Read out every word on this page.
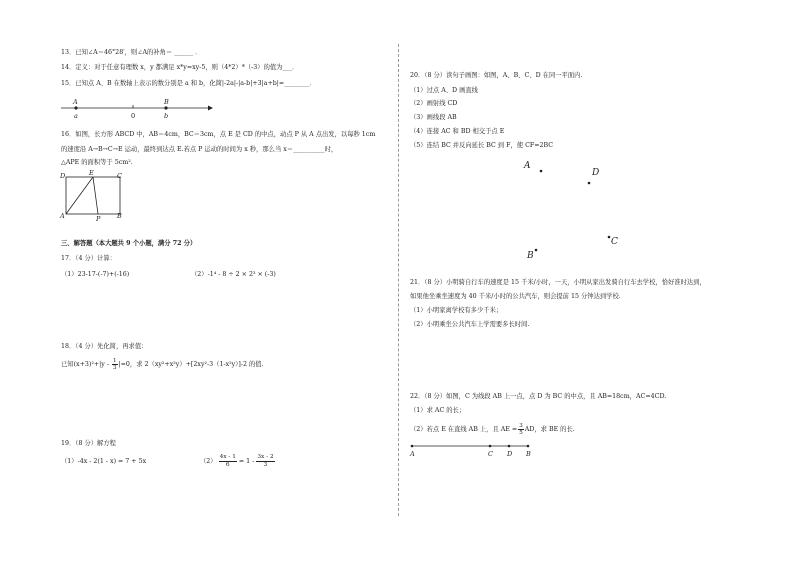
13．已知∠A＝46°28′，则∠A的补角＝ ______ ．
14．定义：对于任意有理数 x，y 都满足 x*y=xy-5，则（4*2）*（-3）的值为___．
15．已知点 A、B 在数轴上表示的数分别是 a 和 b，化简|-2a|-|a-b|+3|a+b|=________．
A	B
a	0	b
16．如图，长方形 ABCD 中，AB＝4cm，BC＝3cm，点 E 是 CD 的中点，动点 P 从 A 点出发，以每秒 1cm
的速度沿 A→B→C→E 运动，最终到达点 E.若点 P 运动的时间为 x 秒，那么当 x＝__________时，
△APE 的面积等于 5cm².
D	E	C
A	P	B
三、解答题（本大题共 9 个小题，满分 72 分）
17．（4 分）计算：
（1）23-17-(-7)+(-16)	（2）-1⁴ - 8 ÷ 2 × 2³ × (-3)
18．（4 分）先化简，再求值：
已知$(x+3)^2+|y - \frac{1}{3} |=0$，求 2（xy²+x²y）+[2xy²-3（1-x²y）]-2 的值.
19．（8 分）解方程
（1）-4x - 2(1 - x) = 7 + 5x	$(2) \frac{4x - 1}{6} = 1 - \frac{3x - 2}{3}$
20．（8 分）读句子画图：如图，A、B、C、D 在同一平面内.
（1）过点 A、D 画直线
（2）画射线 CD
（3）画线段 AB
（4）连接 AC 和 BD 相交于点 E
（5）连结 BC 并反向延长 BC 到 F，使 CF=2BC
A
D
B
C
21．（8 分）小明骑自行车的速度是 15 千米/小时，一天，小明从家出发骑自行车去学校，恰好准时达到，
如果他坐乘坐速度为 40 千米/小时的公共汽车，则会提前 15 分钟达到学校.
（1）小明家离学校有多少千米；
（2）小明乘坐公共汽车上学需要多长时间.
22．（8 分）如图，C 为线段 AB 上一点，点 D 为 BC 的中点，且 AB=18cm，AC=4CD.
（1）求 AC 的长；
（2）若点 E 在直线 AB 上，且 AE = $\frac{3}{5}$ AD，求 BE 的长.
A	C D B
